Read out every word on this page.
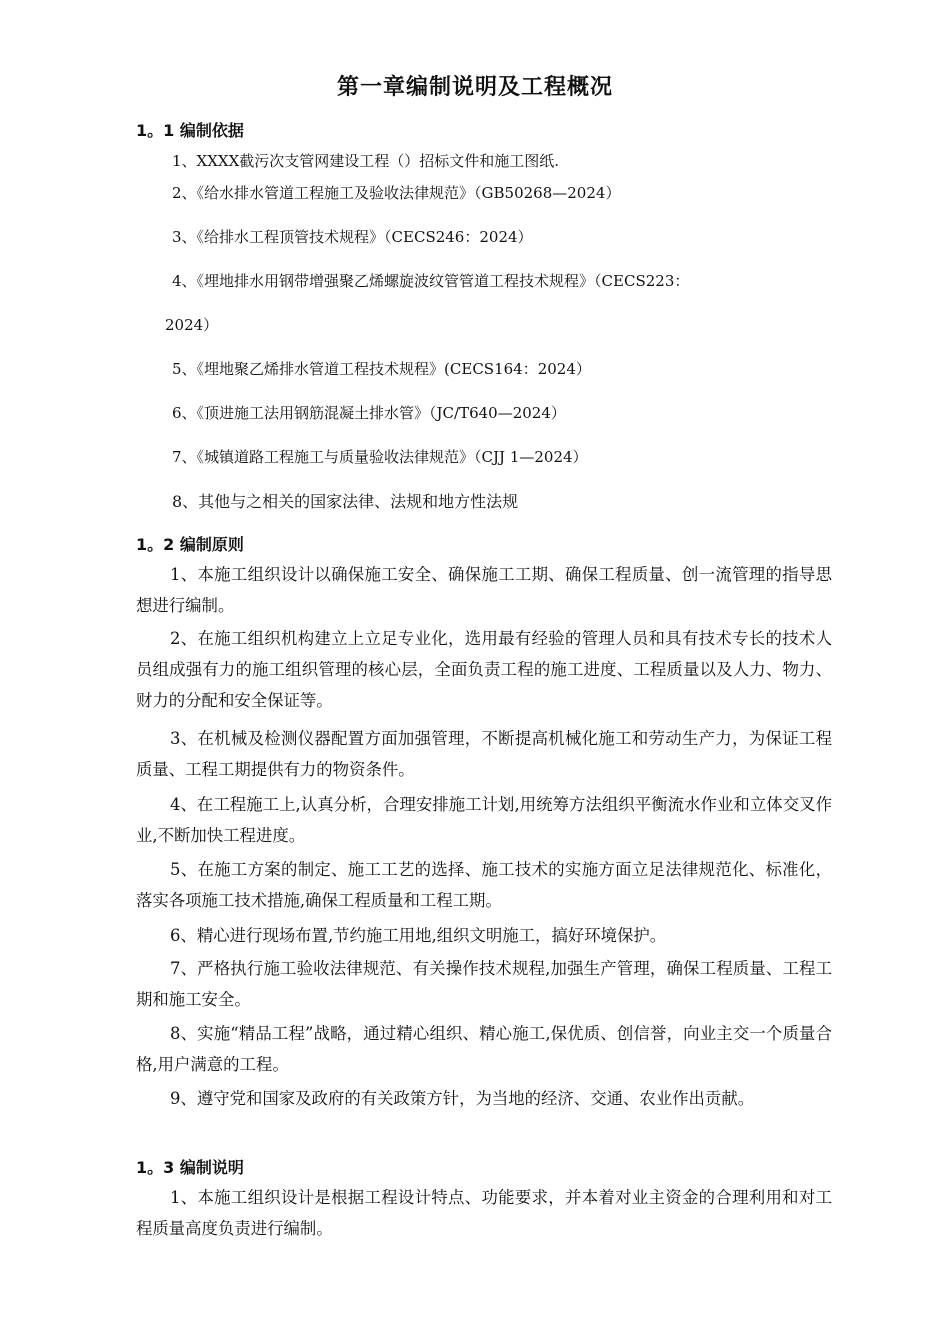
第一章编制说明及工程概况
1。1 编制依据
1、XXXX截污次支管网建设工程（）招标文件和施工图纸.
2、《给水排水管道工程施工及验收法律规范》（GB50268—2024）
3、《给排水工程顶管技术规程》（CECS246：2024）
4、《埋地排水用钢带增强聚乙烯螺旋波纹管管道工程技术规程》（CECS223：
2024）
5、《埋地聚乙烯排水管道工程技术规程》(CECS164：2024）
6、《顶进施工法用钢筋混凝土排水管》（JC/T640—2024）
7、《城镇道路工程施工与质量验收法律规范》（CJJ 1—2024）
8、其他与之相关的国家法律、法规和地方性法规
1。2 编制原则
1、本施工组织设计以确保施工安全、确保施工工期、确保工程质量、创一流管理的指导思想进行编制。
2、在施工组织机构建立上立足专业化，选用最有经验的管理人员和具有技术专长的技术人员组成强有力的施工组织管理的核心层，全面负责工程的施工进度、工程质量以及人力、物力、财力的分配和安全保证等。
3、在机械及检测仪器配置方面加强管理，不断提高机械化施工和劳动生产力，为保证工程质量、工程工期提供有力的物资条件。
4、在工程施工上,认真分析，合理安排施工计划,用统筹方法组织平衡流水作业和立体交叉作业,不断加快工程进度。
5、在施工方案的制定、施工工艺的选择、施工技术的实施方面立足法律规范化、标准化，落实各项施工技术措施,确保工程质量和工程工期。
6、精心进行现场布置,节约施工用地,组织文明施工，搞好环境保护。
7、严格执行施工验收法律规范、有关操作技术规程,加强生产管理，确保工程质量、工程工期和施工安全。
8、实施“精品工程”战略，通过精心组织、精心施工,保优质、创信誉，向业主交一个质量合格,用户满意的工程。
9、遵守党和国家及政府的有关政策方针，为当地的经济、交通、农业作出贡献。
1。3 编制说明
1、本施工组织设计是根据工程设计特点、功能要求，并本着对业主资金的合理利用和对工程质量高度负责进行编制。
